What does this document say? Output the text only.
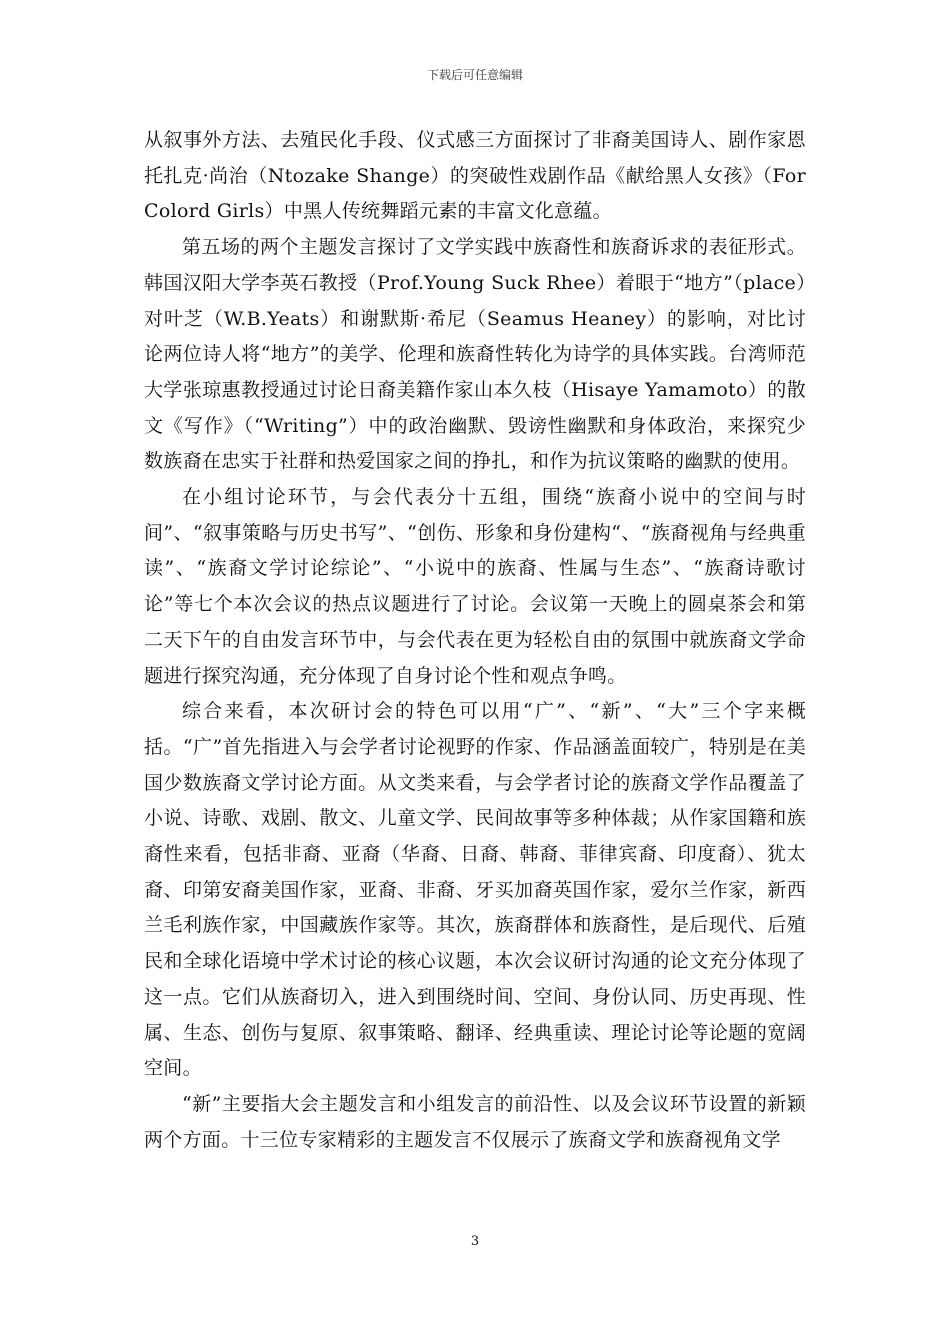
下载后可任意编辑

从叙事外方法、去殖民化手段、仪式感三方面探讨了非裔美国诗人、剧作家恩托扎克·尚治（Ntozake Shange）的突破性戏剧作品《献给黑人女孩》（For Colord Girls）中黑人传统舞蹈元素的丰富文化意蕴。

第五场的两个主题发言探讨了文学实践中族裔性和族裔诉求的表征形式。韩国汉阳大学李英石教授（Prof.Young Suck Rhee）着眼于“地方”（place）对叶芝（W.B.Yeats）和谢默斯·希尼（Seamus Heaney）的影响，对比讨论两位诗人将“地方”的美学、伦理和族裔性转化为诗学的具体实践。台湾师范大学张琼惠教授通过讨论日裔美籍作家山本久枝（Hisaye Yamamoto）的散文《写作》（“Writing”）中的政治幽默、毁谤性幽默和身体政治，来探究少数族裔在忠实于社群和热爱国家之间的挣扎，和作为抗议策略的幽默的使用。

在小组讨论环节，与会代表分十五组，围绕“族裔小说中的空间与时间”、“叙事策略与历史书写”、“创伤、形象和身份建构“、“族裔视角与经典重读”、“族裔文学讨论综论”、“小说中的族裔、性属与生态”、“族裔诗歌讨论”等七个本次会议的热点议题进行了讨论。会议第一天晚上的圆桌茶会和第二天下午的自由发言环节中，与会代表在更为轻松自由的氛围中就族裔文学命题进行探究沟通，充分体现了自身讨论个性和观点争鸣。

综合来看，本次研讨会的特色可以用“广”、“新”、“大”三个字来概括。“广”首先指进入与会学者讨论视野的作家、作品涵盖面较广，特别是在美国少数族裔文学讨论方面。从文类来看，与会学者讨论的族裔文学作品覆盖了小说、诗歌、戏剧、散文、儿童文学、民间故事等多种体裁；从作家国籍和族裔性来看，包括非裔、亚裔（华裔、日裔、韩裔、菲律宾裔、印度裔）、犹太裔、印第安裔美国作家，亚裔、非裔、牙买加裔英国作家，爱尔兰作家，新西兰毛利族作家，中国藏族作家等。其次，族裔群体和族裔性，是后现代、后殖民和全球化语境中学术讨论的核心议题，本次会议研讨沟通的论文充分体现了这一点。它们从族裔切入，进入到围绕时间、空间、身份认同、历史再现、性属、生态、创伤与复原、叙事策略、翻译、经典重读、理论讨论等论题的宽阔空间。

“新”主要指大会主题发言和小组发言的前沿性、以及会议环节设置的新颖两个方面。十三位专家精彩的主题发言不仅展示了族裔文学和族裔视角文学

3
